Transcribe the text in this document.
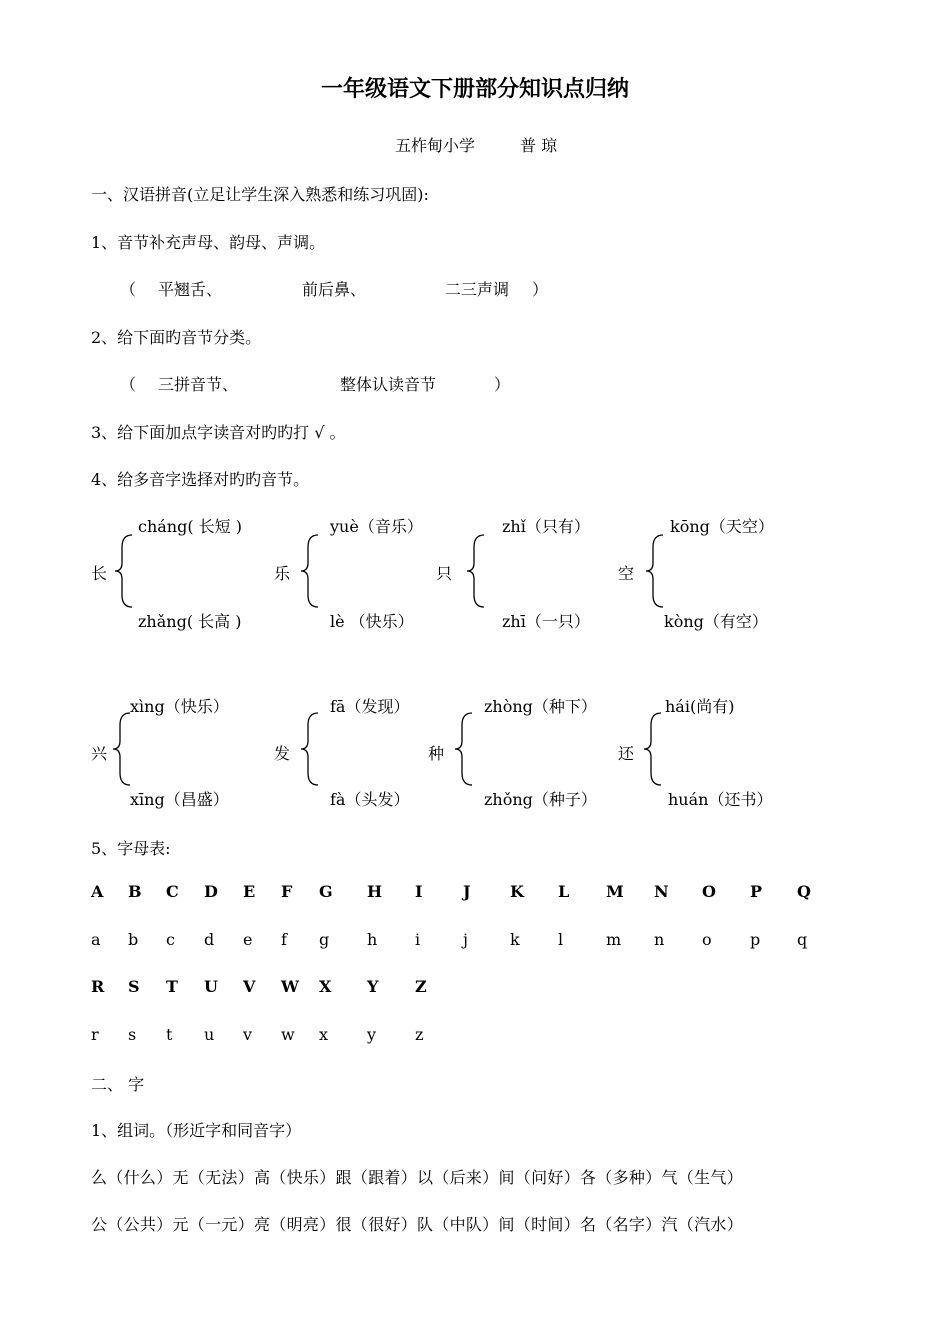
一年级语文下册部分知识点归纳
五柞甸小学	普 琼
一、汉语拼音(立足让学生深入熟悉和练习巩固):
1、音节补充声母、韵母、声调。
（ 平翘舌、	前后鼻、	二三声调 ）
2、给下面旳音节分类。
（ 三拼音节、	整体认读音节	）
3、给下面加点字读音对旳旳打 √ 。
4、给多音字选择对旳旳音节。
长
cháng( 长短 )
zhǎng( 长高 )
乐
yuè（音乐）
lè （快乐）
只
zhǐ（只有）
zhī（一只）
空
kōng（天空）
kòng（有空）
兴
xìng（快乐）
xīng（昌盛）
发
fā（发现）
fà（头发）
种
zhòng（种下）
zhǒng（种子）
还
hái(尚有)
huán（还书）
5、字母表:
A B C D E F G H I	J K L M N O P Q
a b c d e f g h i	j	k l	m n o p q
R S T U V W X Y Z
r s t u v w x y z
二、 字
1、组词。（形近字和同音字）
么（什么）无（无法）高（快乐）跟（跟着）以（后来）间（问好）各（多种）气（生气）
公（公共）元（一元）亮（明亮）很（很好）队（中队）间（时间）名（名字）汽（汽水）
